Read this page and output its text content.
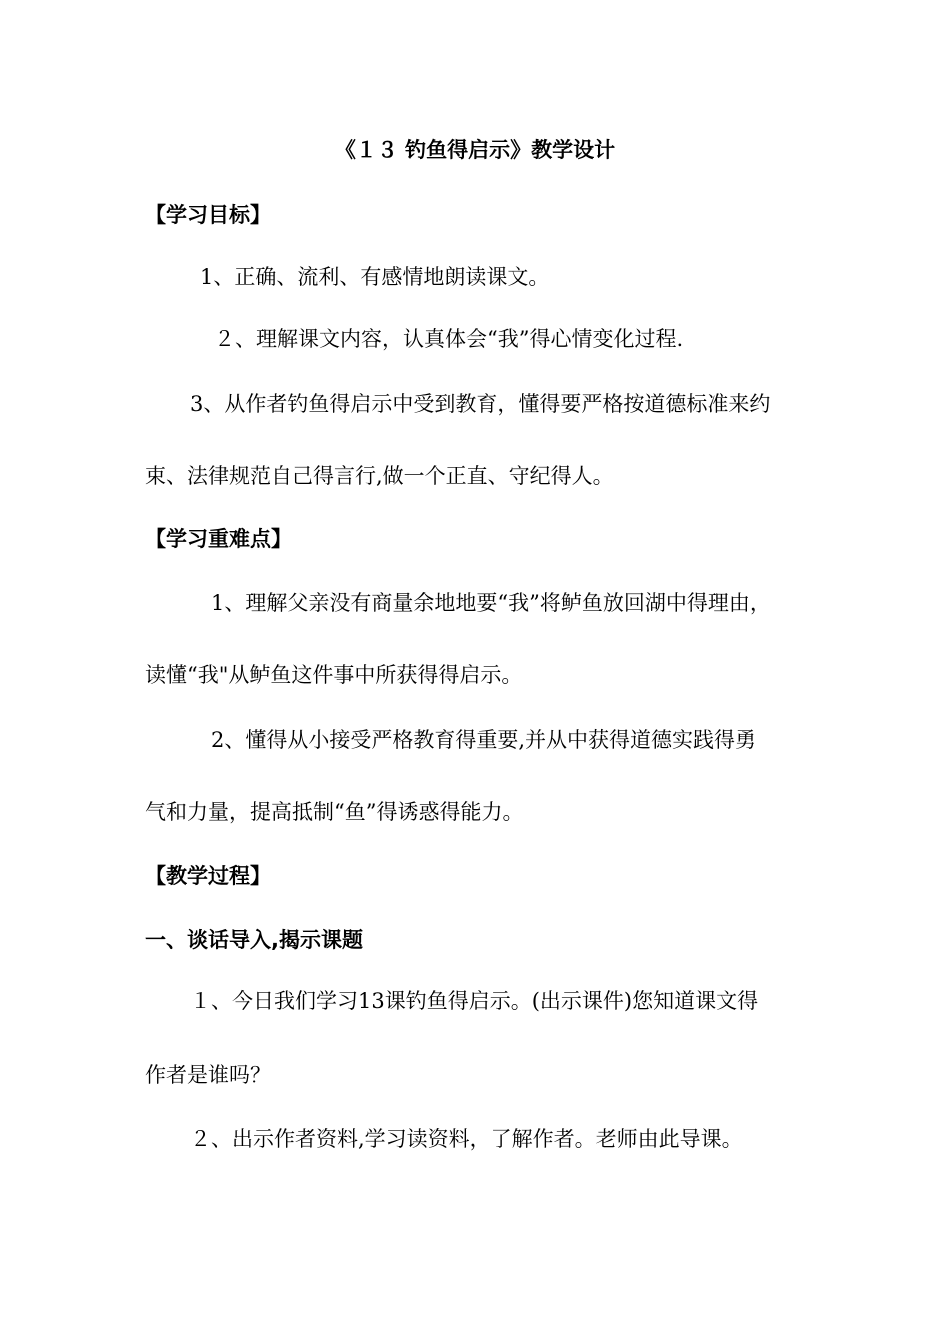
《１３ 钓鱼得启示》教学设计
【学习目标】
1、正确、流利、有感情地朗读课文。
２、理解课文内容，认真体会“我”得心情变化过程.
3、从作者钓鱼得启示中受到教育，懂得要严格按道德标准来约
束、法律规范自己得言行,做一个正直、守纪得人。
【学习重难点】
1、理解父亲没有商量余地地要“我”将鲈鱼放回湖中得理由，
读懂“我"从鲈鱼这件事中所获得得启示。
2、懂得从小接受严格教育得重要,并从中获得道德实践得勇
气和力量，提高抵制“鱼”得诱惑得能力。
【教学过程】
一、谈话导入,揭示课题
１、今日我们学习13课钓鱼得启示。(出示课件)您知道课文得
作者是谁吗？
２、出示作者资料,学习读资料，了解作者。老师由此导课。
